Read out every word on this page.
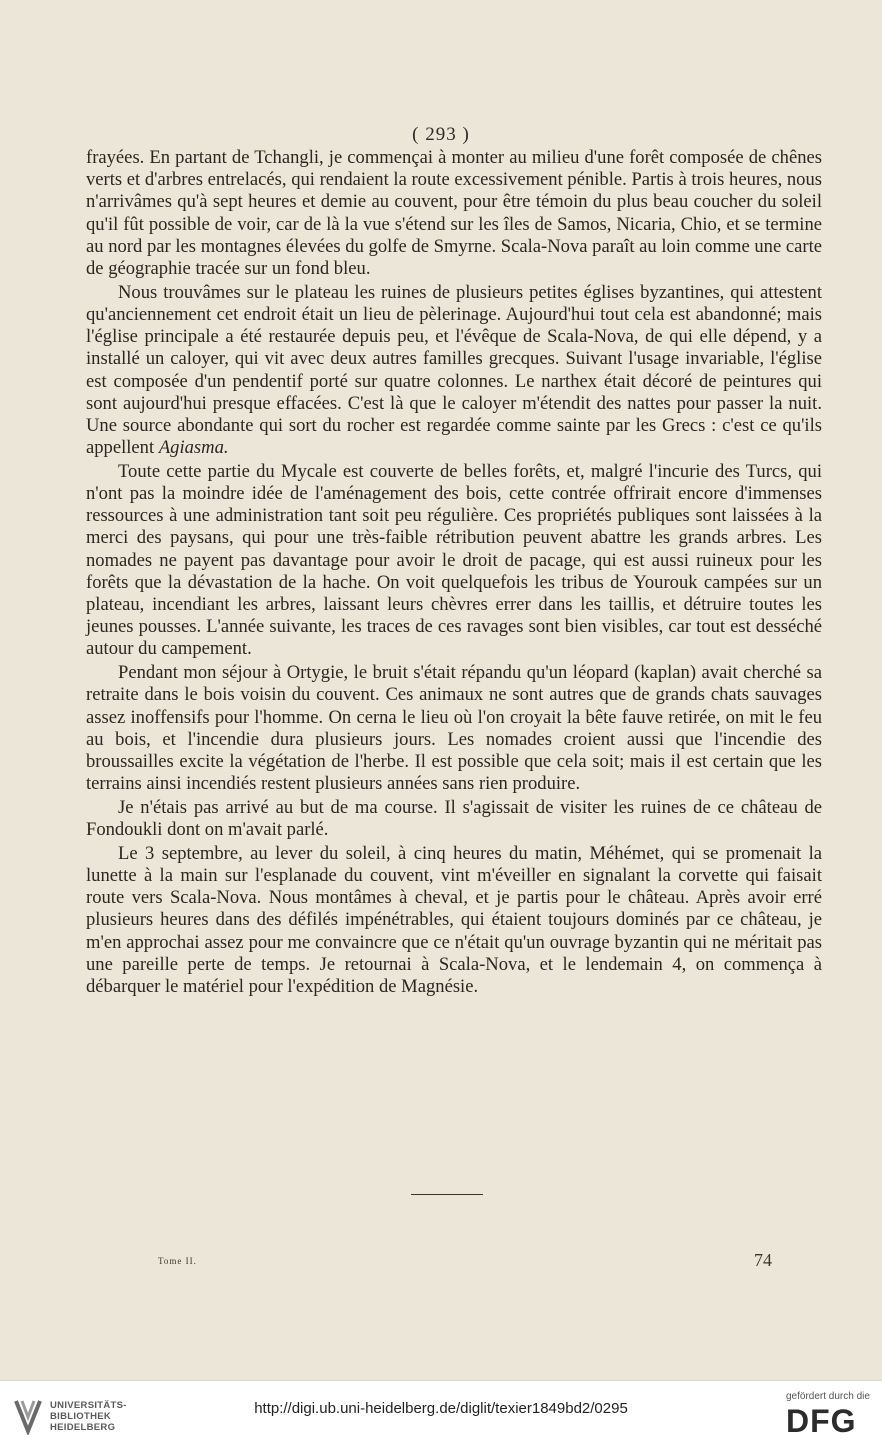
( 293 )

frayées. En partant de Tchangli, je commençai à monter au milieu d'une forêt composée de chênes verts et d'arbres entrelacés, qui rendaient la route excessivement pénible. Partis à trois heures, nous n'arrivâmes qu'à sept heures et demie au couvent, pour être témoin du plus beau coucher du soleil qu'il fût possible de voir, car de là la vue s'étend sur les îles de Samos, Nicaria, Chio, et se termine au nord par les montagnes élevées du golfe de Smyrne. Scala-Nova paraît au loin comme une carte de géographie tracée sur un fond bleu.

Nous trouvâmes sur le plateau les ruines de plusieurs petites églises byzantines, qui attestent qu'anciennement cet endroit était un lieu de pèlerinage. Aujourd'hui tout cela est abandonné; mais l'église principale a été restaurée depuis peu, et l'évêque de Scala-Nova, de qui elle dépend, y a installé un caloyer, qui vit avec deux autres familles grecques. Suivant l'usage invariable, l'église est composée d'un pendentif porté sur quatre colonnes. Le narthex était décoré de peintures qui sont aujourd'hui presque effacées. C'est là que le caloyer m'étendit des nattes pour passer la nuit. Une source abondante qui sort du rocher est regardée comme sainte par les Grecs : c'est ce qu'ils appellent Agiasma.

Toute cette partie du Mycale est couverte de belles forêts, et, malgré l'incurie des Turcs, qui n'ont pas la moindre idée de l'aménagement des bois, cette contrée offrirait encore d'immenses ressources à une administration tant soit peu régulière. Ces propriétés publiques sont laissées à la merci des paysans, qui pour une très-faible rétribution peuvent abattre les grands arbres. Les nomades ne payent pas davantage pour avoir le droit de pacage, qui est aussi ruineux pour les forêts que la dévastation de la hache. On voit quelquefois les tribus de Yourouk campées sur un plateau, incendiant les arbres, laissant leurs chèvres errer dans les taillis, et détruire toutes les jeunes pousses. L'année suivante, les traces de ces ravages sont bien visibles, car tout est desséché autour du campement.

Pendant mon séjour à Ortygie, le bruit s'était répandu qu'un léopard (kaplan) avait cherché sa retraite dans le bois voisin du couvent. Ces animaux ne sont autres que de grands chats sauvages assez inoffensifs pour l'homme. On cerna le lieu où l'on croyait la bête fauve retirée, on mit le feu au bois, et l'incendie dura plusieurs jours. Les nomades croient aussi que l'incendie des broussailles excite la végétation de l'herbe. Il est possible que cela soit; mais il est certain que les terrains ainsi incendiés restent plusieurs années sans rien produire.

Je n'étais pas arrivé au but de ma course. Il s'agissait de visiter les ruines de ce château de Fondoukli dont on m'avait parlé.

Le 3 septembre, au lever du soleil, à cinq heures du matin, Méhémet, qui se promenait la lunette à la main sur l'esplanade du couvent, vint m'éveiller en signalant la corvette qui faisait route vers Scala-Nova. Nous montâmes à cheval, et je partis pour le château. Après avoir erré plusieurs heures dans des défilés impénétrables, qui étaient toujours dominés par ce château, je m'en approchai assez pour me convaincre que ce n'était qu'un ouvrage byzantin qui ne méritait pas une pareille perte de temps. Je retournai à Scala-Nova, et le lendemain 4, on commença à débarquer le matériel pour l'expédition de Magnésie.

Tome II.	74
UNIVERSITÄTS-
BIBLIOTHEK
HEIDELBERG
http://digi.ub.uni-heidelberg.de/diglit/texier1849bd2/0295
gefördert durch die
DFG
